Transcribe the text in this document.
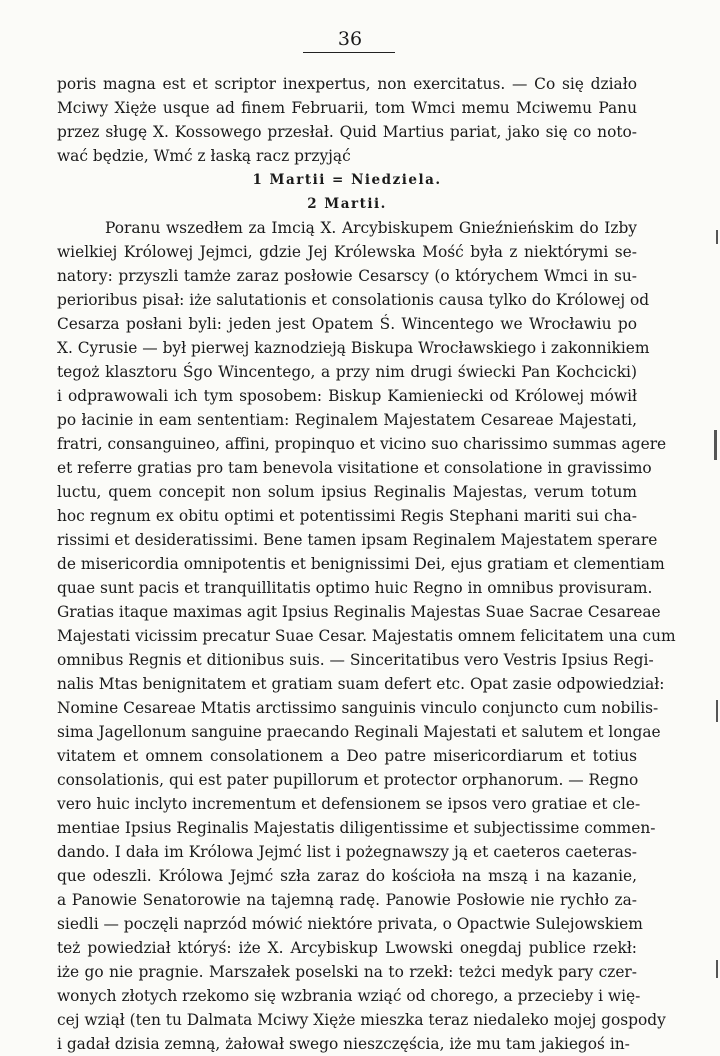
36
poris magna est et scriptor inexpertus, non exercitatus. — Co się działo
Mciwy Xięże usque ad finem Februarii, tom Wmci memu Mciwemu Panu
przez sługę X. Kossowego przesłał. Quid Martius pariat, jako się co noto-
wać będzie, Wmć z łaską racz przyjąć
1 Martii = Niedziela.
2 Martii.
Poranu wszedłem za Imcią X. Arcybiskupem Gnieźnieńskim do Izby
wielkiej Królowej Jejmci, gdzie Jej Królewska Mość była z niektórymi se-
natory: przyszli tamże zaraz posłowie Cesarscy (o którychem Wmci in su-
perioribus pisał: iże salutationis et consolationis causa tylko do Królowej od
Cesarza posłani byli: jeden jest Opatem Ś. Wincentego we Wrocławiu po
X. Cyrusie — był pierwej kaznodzieją Biskupa Wrocławskiego i zakonnikiem
tegoż klasztoru Śgo Wincentego, a przy nim drugi świecki Pan Kochcicki)
i odprawowali ich tym sposobem: Biskup Kamieniecki od Królowej mówił
po łacinie in eam sententiam: Reginalem Majestatem Cesareae Majestati,
fratri, consanguineo, affini, propinquo et vicino suo charissimo summas agere
et referre gratias pro tam benevola visitatione et consolatione in gravissimo
luctu, quem concepit non solum ipsius Reginalis Majestas, verum totum
hoc regnum ex obitu optimi et potentissimi Regis Stephani mariti sui cha-
rissimi et desideratissimi. Bene tamen ipsam Reginalem Majestatem sperare
de misericordia omnipotentis et benignissimi Dei, ejus gratiam et clementiam
quae sunt pacis et tranquillitatis optimo huic Regno in omnibus provisuram.
Gratias itaque maximas agit Ipsius Reginalis Majestas Suae Sacrae Cesareae
Majestati vicissim precatur Suae Cesar. Majestatis omnem felicitatem una cum
omnibus Regnis et ditionibus suis. — Sinceritatibus vero Vestris Ipsius Regi-
nalis Mtas benignitatem et gratiam suam defert etc. Opat zasie odpowiedział:
Nomine Cesareae Mtatis arctissimo sanguinis vinculo conjuncto cum nobilis-
sima Jagellonum sanguine praecando Reginali Majestati et salutem et longae
vitatem et omnem consolationem a Deo patre misericordiarum et totius
consolationis, qui est pater pupillorum et protector orphanorum. — Regno
vero huic inclyto incrementum et defensionem se ipsos vero gratiae et cle-
mentiae Ipsius Reginalis Majestatis diligentissime et subjectissime commen-
dando. I dała im Królowa Jejmć list i pożegnawszy ją et caeteros caeteras-
que odeszli. Królowa Jejmć szła zaraz do kościoła na mszą i na kazanie,
a Panowie Senatorowie na tajemną radę. Panowie Posłowie nie rychło za-
siedli — poczęli naprzód mówić niektóre privata, o Opactwie Sulejowskiem
też powiedział któryś: iże X. Arcybiskup Lwowski onegdaj publice rzekł:
iże go nie pragnie. Marszałek poselski na to rzekł: teżci medyk pary czer-
wonych złotych rzekomo się wzbrania wziąć od chorego, a przecieby i wię-
cej wziął (ten tu Dalmata Mciwy Xięże mieszka teraz niedaleko mojej gospody
i gadał dzisia zemną, żałował swego nieszczęścia, iże mu tam jakiegoś in-
